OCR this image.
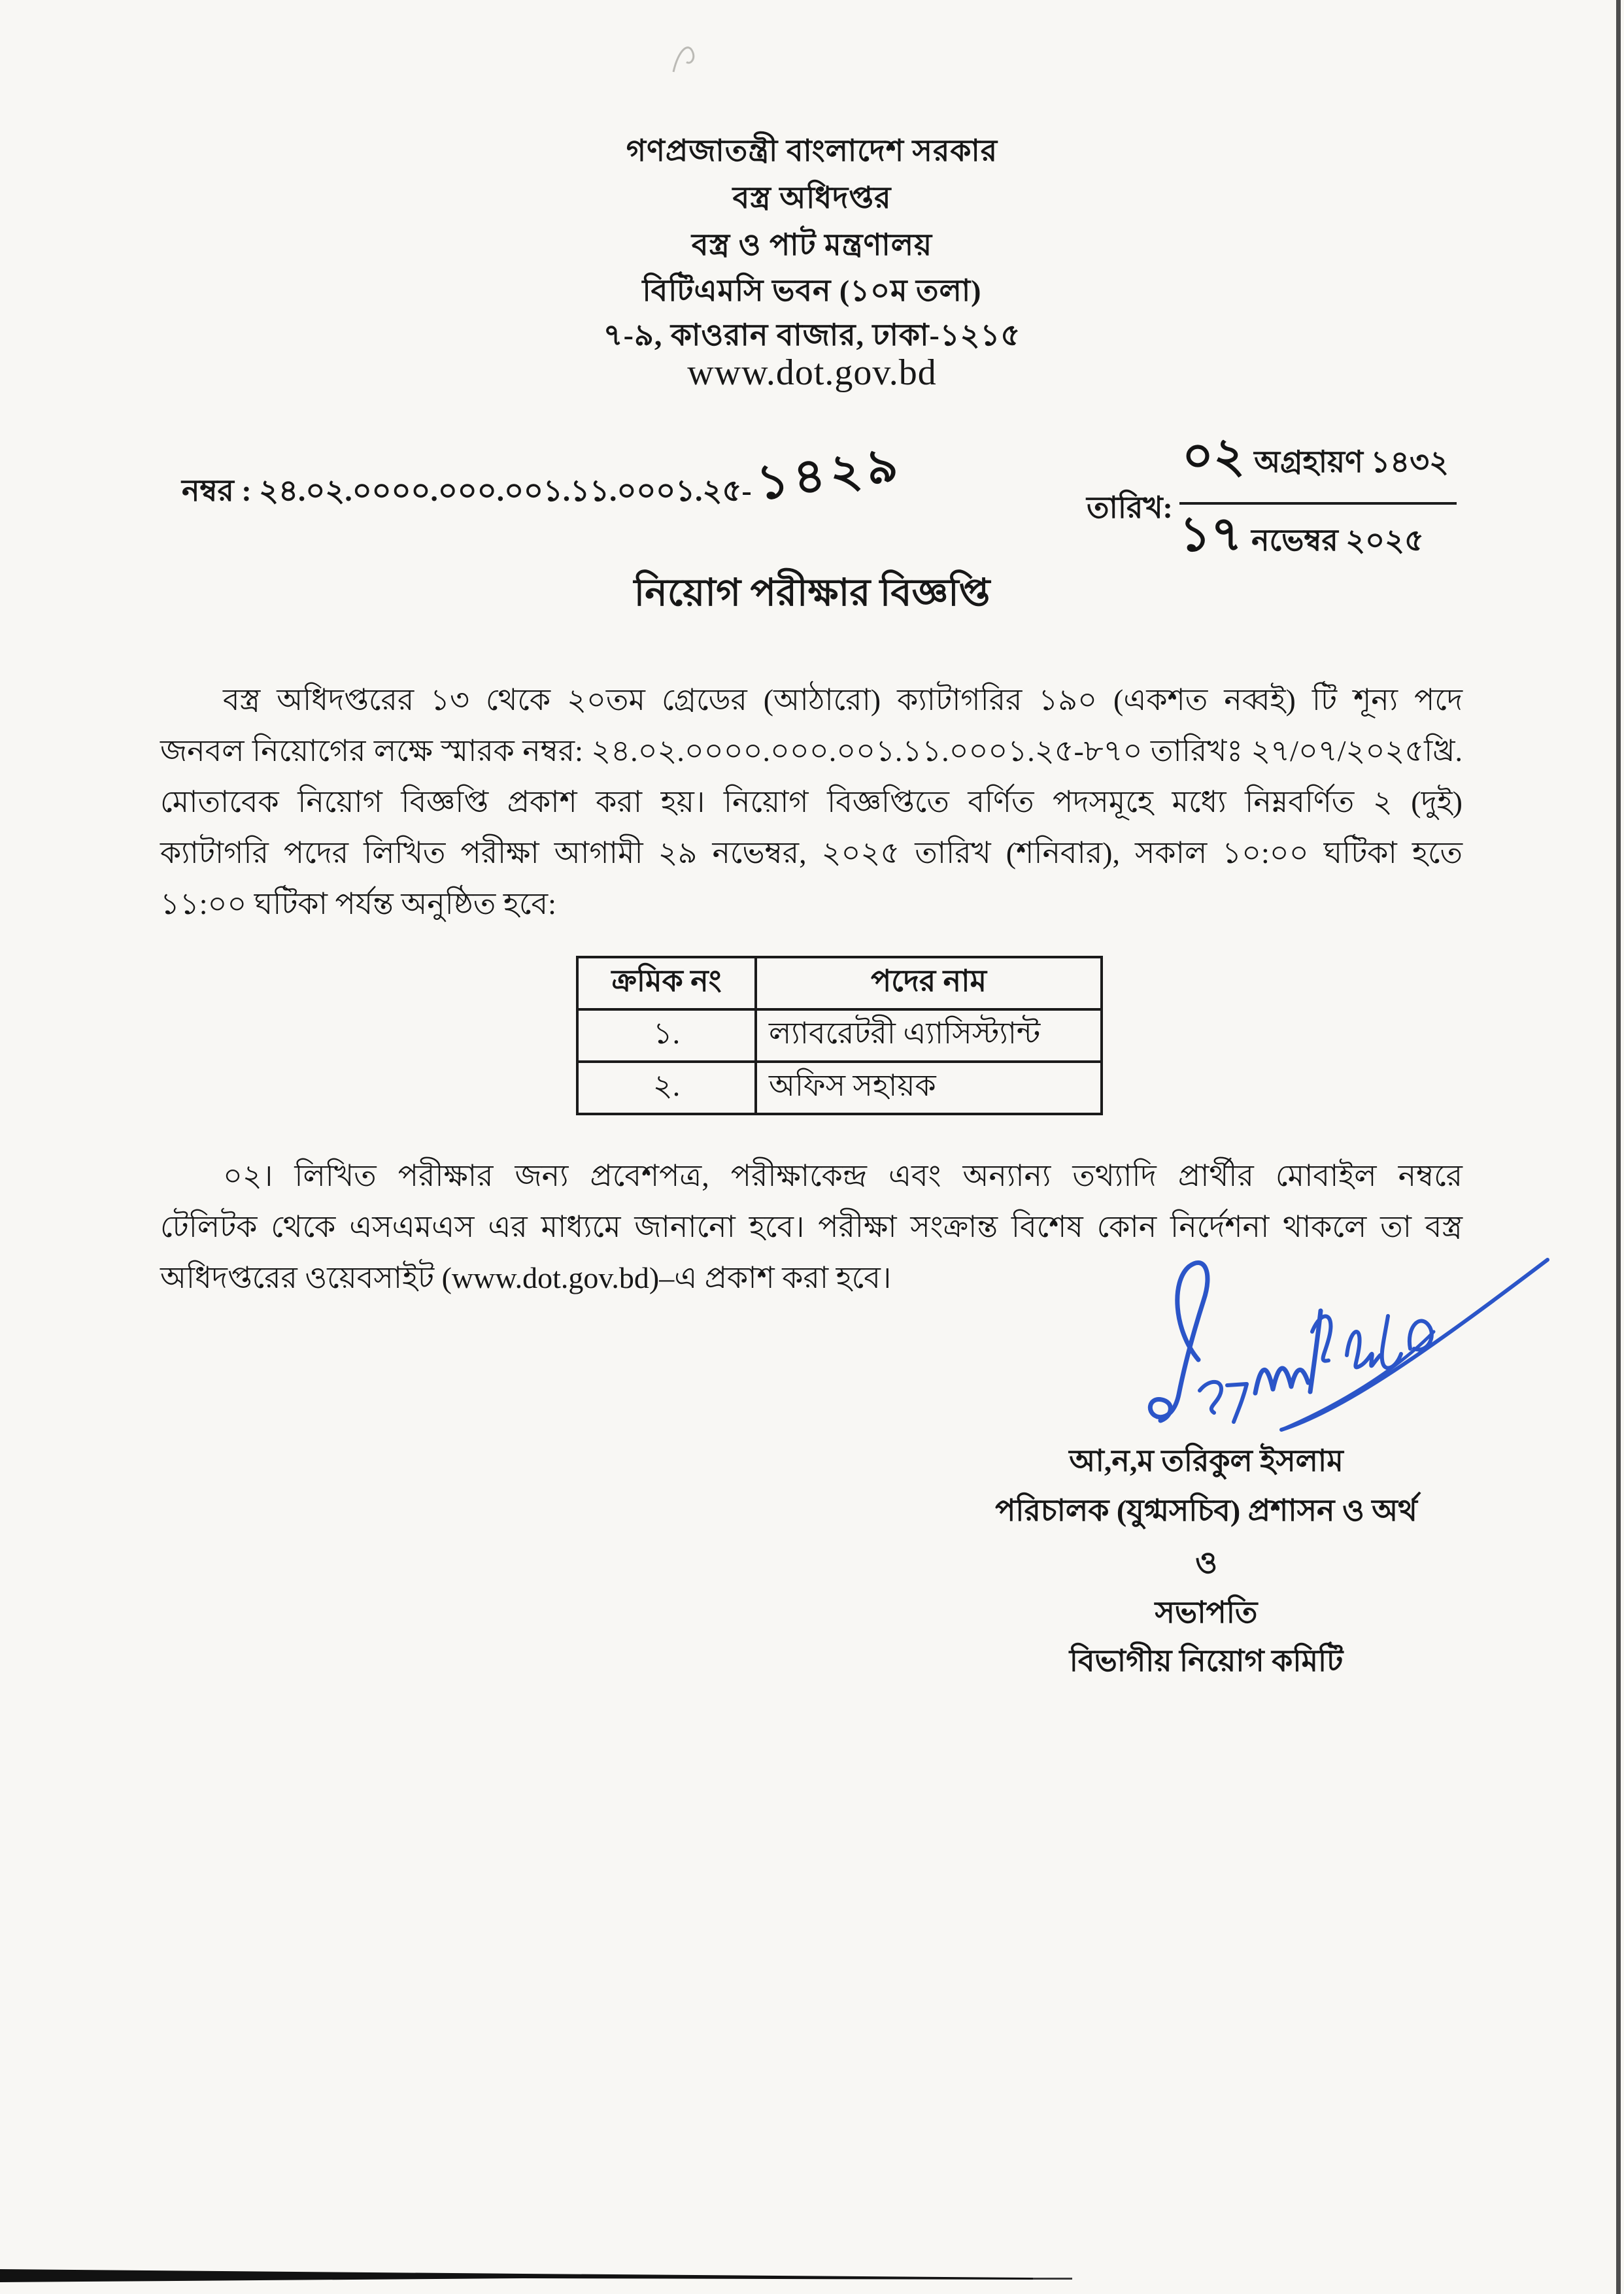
গণপ্রজাতন্ত্রী বাংলাদেশ সরকার
বস্ত্র অধিদপ্তর
বস্ত্র ও পাট মন্ত্রণালয়
বিটিএমসি ভবন (১০ম তলা)
৭-৯, কাওরান বাজার, ঢাকা-১২১৫
www.dot.gov.bd
নম্বর : ২৪.০২.০০০০.০০০.০০১.১১.০০০১.২৫- ১৪২৯	তারিখ:
০২ অগ্রহায়ণ ১৪৩২
১৭ নভেম্বর ২০২৫
নিয়োগ পরীক্ষার বিজ্ঞপ্তি
বস্ত্র অধিদপ্তরের ১৩ থেকে ২০তম গ্রেডের (আঠারো) ক্যাটাগরির ১৯০ (একশত নব্বই) টি শূন্য পদে
জনবল নিয়োগের লক্ষে স্মারক নম্বর: ২৪.০২.০০০০.০০০.০০১.১১.০০০১.২৫-৮৭০ তারিখঃ ২৭/০৭/২০২৫খ্রি.
মোতাবেক নিয়োগ বিজ্ঞপ্তি প্রকাশ করা হয়। নিয়োগ বিজ্ঞপ্তিতে বর্ণিত পদসমূহে মধ্যে নিম্নবর্ণিত ২ (দুই)
ক্যাটাগরি পদের লিখিত পরীক্ষা আগামী ২৯ নভেম্বর, ২০২৫ তারিখ (শনিবার), সকাল ১০:০০ ঘটিকা হতে
১১:০০ ঘটিকা পর্যন্ত অনুষ্ঠিত হবে:
ক্রমিক নং	পদের নাম
১.	ল্যাবরেটরী এ্যাসিস্ট্যান্ট
২.	অফিস সহায়ক
০২। লিখিত পরীক্ষার জন্য প্রবেশপত্র, পরীক্ষাকেন্দ্র এবং অন্যান্য তথ্যাদি প্রার্থীর মোবাইল নম্বরে
টেলিটক থেকে এসএমএস এর মাধ্যমে জানানো হবে। পরীক্ষা সংক্রান্ত বিশেষ কোন নির্দেশনা থাকলে তা বস্ত্র
অধিদপ্তরের ওয়েবসাইট (www.dot.gov.bd)–এ প্রকাশ করা হবে।
আ,ন,ম তরিকুল ইসলাম
পরিচালক (যুগ্মসচিব) প্রশাসন ও অর্থ
ও
সভাপতি
বিভাগীয় নিয়োগ কমিটি
